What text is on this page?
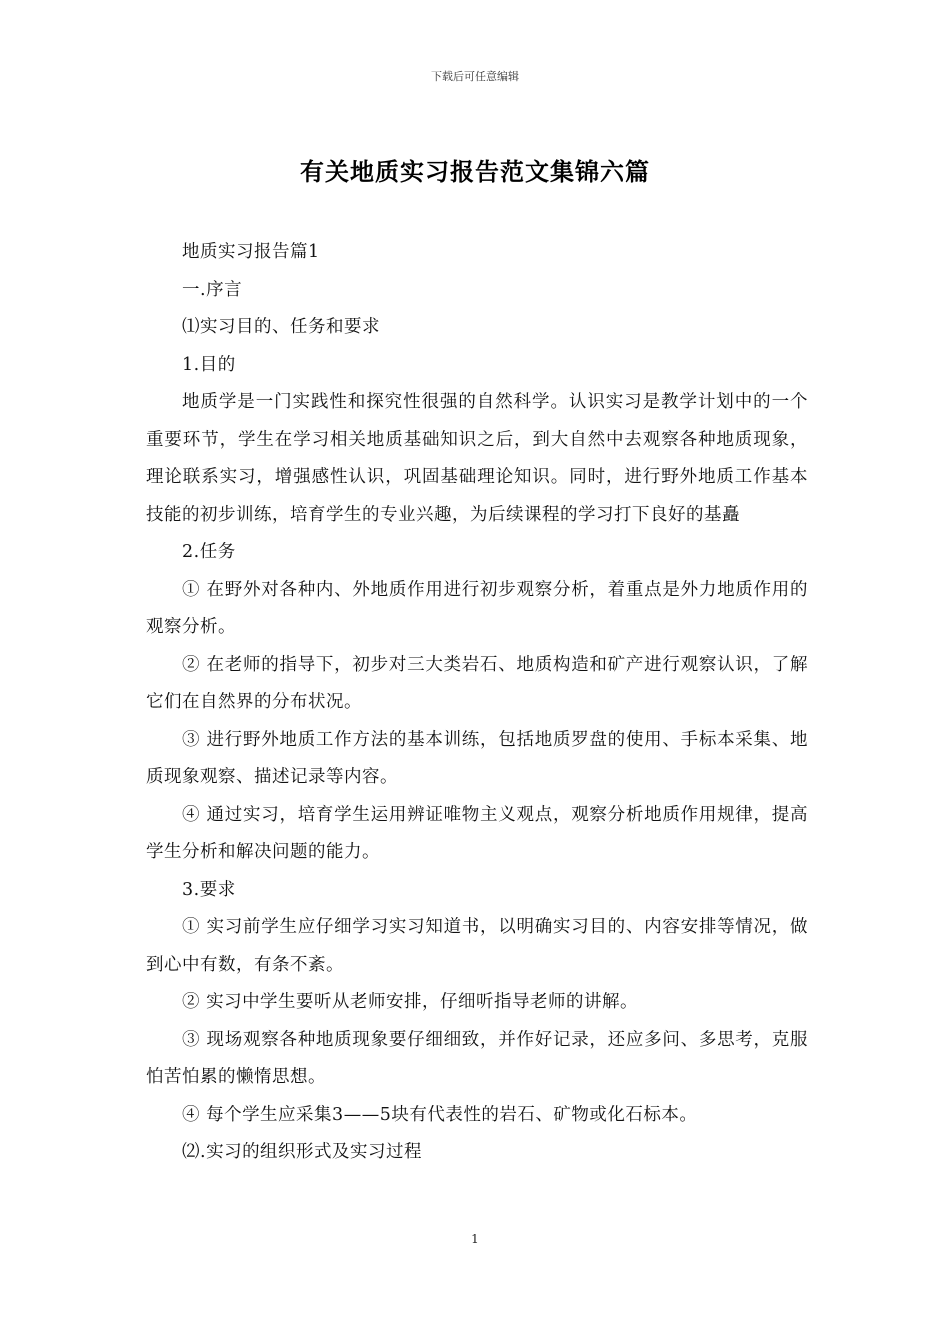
下载后可任意编辑
有关地质实习报告范文集锦六篇

地质实习报告篇1

一.序言

⑴实习目的、任务和要求

1.目的

地质学是一门实践性和探究性很强的自然科学。认识实习是教学计划中的一个重要环节，学生在学习相关地质基础知识之后，到大自然中去观察各种地质现象，理论联系实习，增强感性认识，巩固基础理论知识。同时，进行野外地质工作基本技能的初步训练，培育学生的专业兴趣，为后续课程的学习打下良好的基矗

2.任务

① 在野外对各种内、外地质作用进行初步观察分析，着重点是外力地质作用的观察分析。

② 在老师的指导下，初步对三大类岩石、地质构造和矿产进行观察认识，了解它们在自然界的分布状况。

③ 进行野外地质工作方法的基本训练，包括地质罗盘的使用、手标本采集、地质现象观察、描述记录等内容。

④ 通过实习，培育学生运用辨证唯物主义观点，观察分析地质作用规律，提高学生分析和解决问题的能力。

3.要求

① 实习前学生应仔细学习实习知道书，以明确实习目的、内容安排等情况，做到心中有数，有条不紊。

② 实习中学生要听从老师安排，仔细听指导老师的讲解。

③ 现场观察各种地质现象要仔细细致，并作好记录，还应多问、多思考，克服怕苦怕累的懒惰思想。

④ 每个学生应采集3——5块有代表性的岩石、矿物或化石标本。

⑵.实习的组织形式及实习过程

1
